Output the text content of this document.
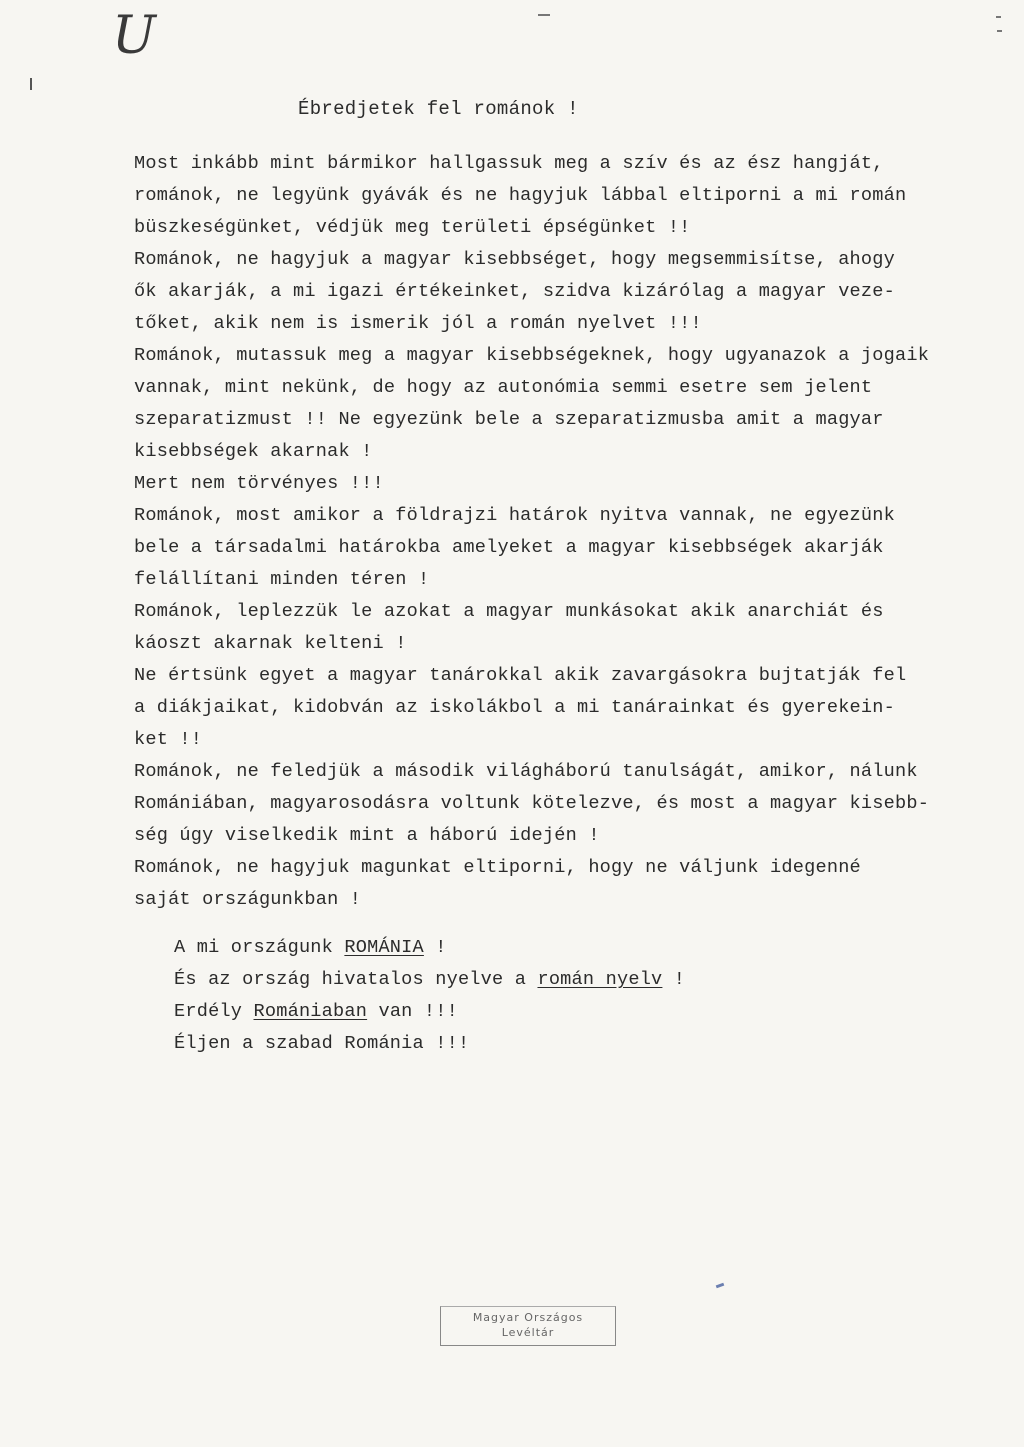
U
Ébredjetek fel románok !
Most inkább mint bármikor hallgassuk meg a szív és az ész hangját,
románok, ne legyünk gyávák és ne hagyjuk lábbal eltiporni a mi román
büszkeségünket, védjük meg területi épségünket !!
Románok, ne hagyjuk a magyar kisebbséget, hogy megsemmisítse, ahogy
ők akarják, a mi igazi értékeinket, szidva kizárólag a magyar veze-
tőket, akik nem is ismerik jól a román nyelvet !!!
Románok, mutassuk meg a magyar kisebbségeknek, hogy ugyanazok a jogaik
vannak, mint nekünk, de hogy az autonómia semmi esetre sem jelent
szeparatizmust !! Ne egyezünk bele a szeparatizmusba amit a magyar
kisebbségek akarnak !
Mert nem törvényes !!!
Románok, most amikor a földrajzi határok nyitva vannak, ne egyezünk
bele a társadalmi határokba amelyeket a magyar kisebbségek akarják
felállítani minden téren !
Románok, leplezzük le azokat a magyar munkásokat akik anarchiát és
káoszt akarnak kelteni !
Ne értsünk egyet a magyar tanárokkal akik zavargásokra bujtatják fel
a diákjaikat, kidobván az iskolákbol a mi tanárainkat és gyerekein-
ket !!
Románok, ne feledjük a második világháború tanulságát, amikor, nálunk
Romániában, magyarosodásra voltunk kötelezve, és most a magyar kisebb-
ség úgy viselkedik mint a háború idején !
Románok, ne hagyjuk magunkat eltiporni, hogy ne váljunk idegenné
saját országunkban !
A mi országunk ROMÁNIA !
És az ország hivatalos nyelve a román nyelv !
Erdély Romániaban van !!!
Éljen a szabad Románia !!!
Magyar Országos
Levéltár
